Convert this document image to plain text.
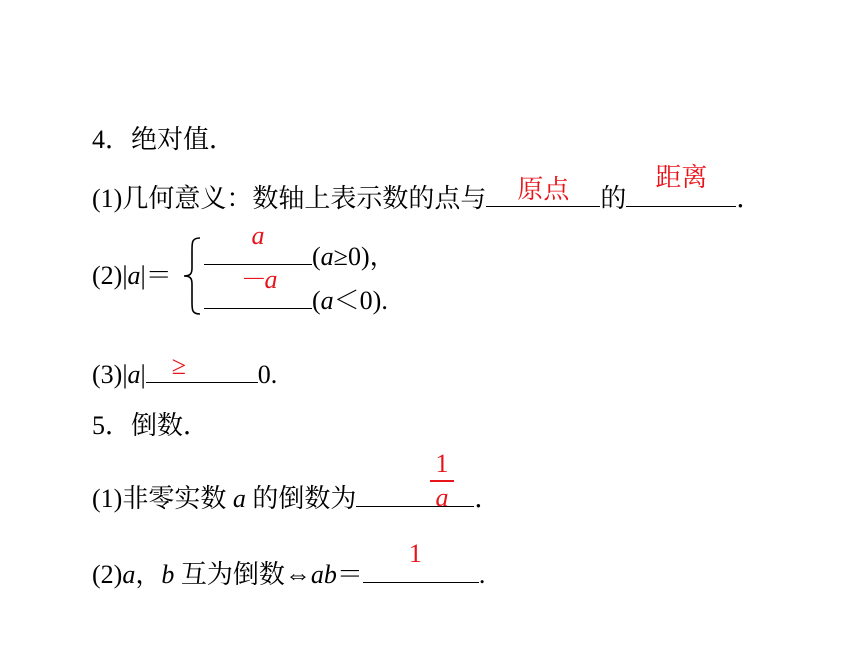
4．绝对值．
(1)几何意义：数轴上表示数的点与	原点	的
距离
．
(2)|a|＝
a
(a≥0)，
－a
(a＜0).
(3)|a| ≥	0.
5．倒数．
(1)非零实数 a 的倒数为	．
1
a
(2)a，b 互为倒数⇔ab＝
1
.
